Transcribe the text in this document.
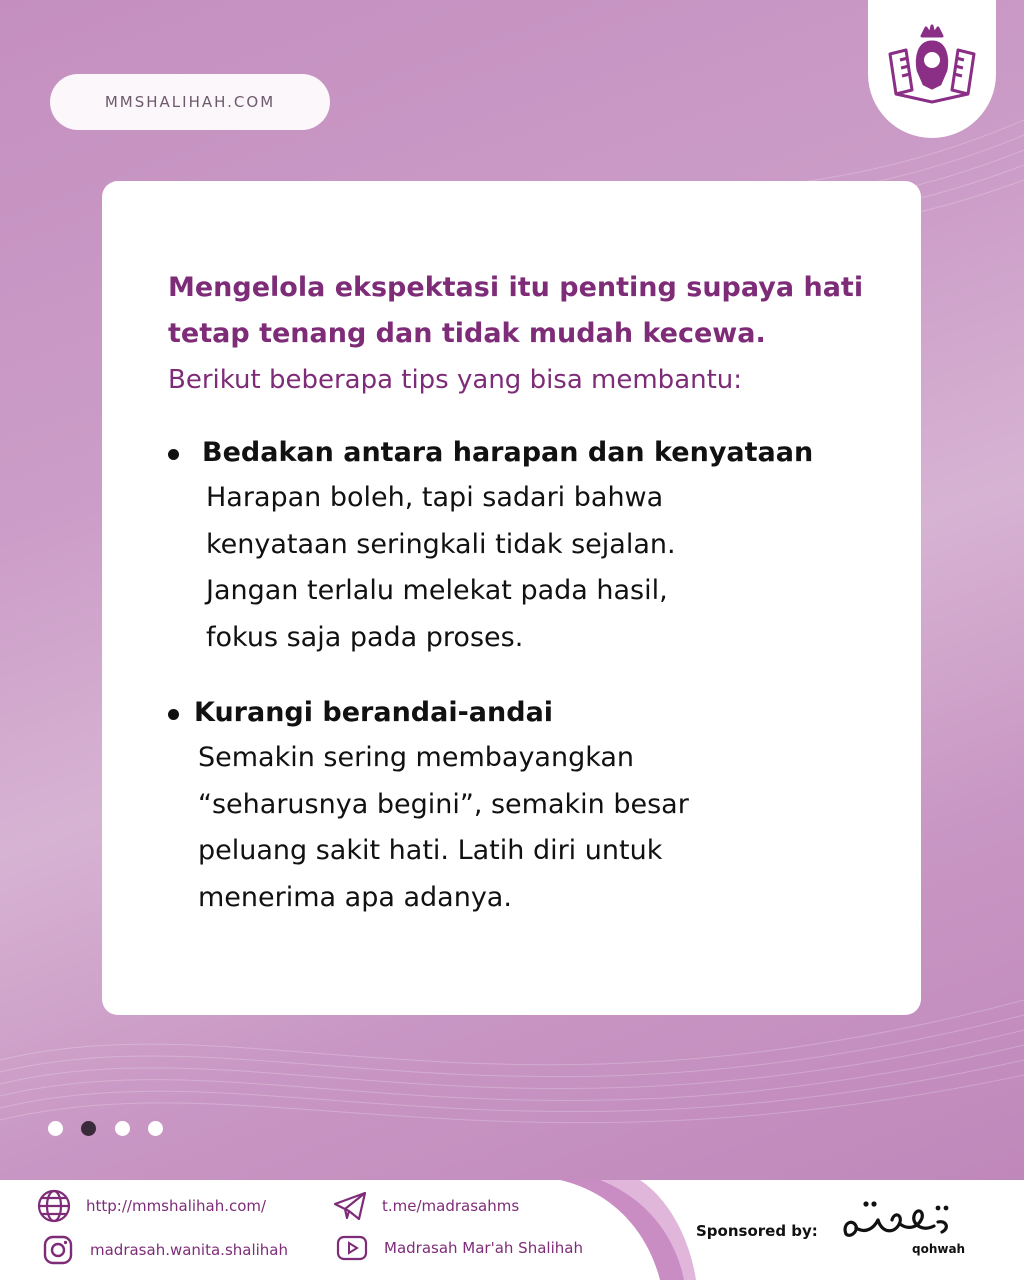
MMSHALIHAH.COM
Mengelola ekspektasi itu penting supaya hati tetap tenang dan tidak mudah kecewa.
Berikut beberapa tips yang bisa membantu:
Bedakan antara harapan dan kenyataan
Harapan boleh, tapi sadari bahwa
kenyataan seringkali tidak sejalan.
Jangan terlalu melekat pada hasil,
fokus saja pada proses.
Kurangi berandai-andai
Semakin sering membayangkan
“seharusnya begini”, semakin besar
peluang sakit hati. Latih diri untuk
menerima apa adanya.
http://mmshalihah.com/
madrasah.wanita.shalihah
t.me/madrasahms
Madrasah Mar'ah Shalihah
Sponsored by:
qohwah
